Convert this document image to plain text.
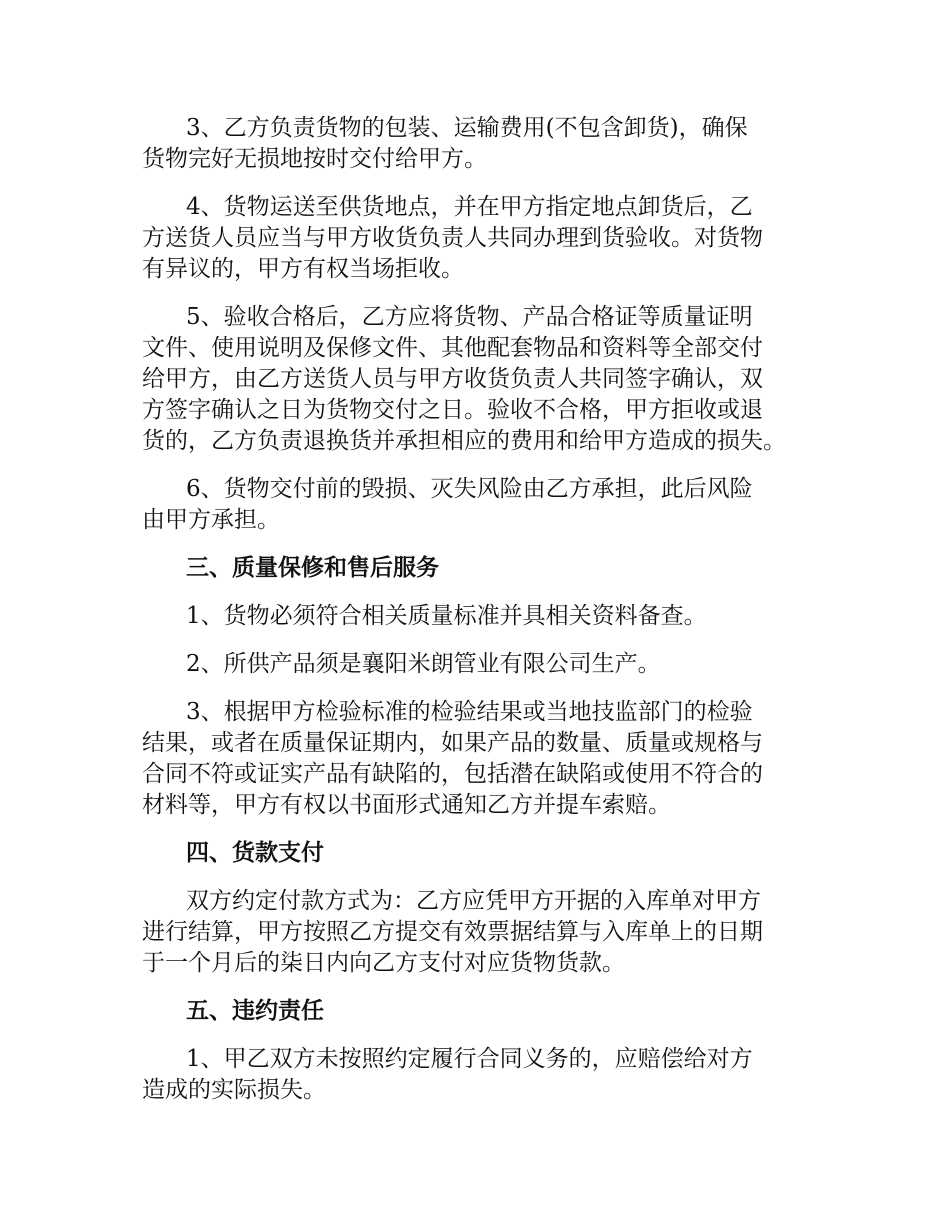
3、乙方负责货物的包装、运输费用(不包含卸货)，确保
货物完好无损地按时交付给甲方。
4、货物运送至供货地点，并在甲方指定地点卸货后，乙
方送货人员应当与甲方收货负责人共同办理到货验收。对货物
有异议的，甲方有权当场拒收。
5、验收合格后，乙方应将货物、产品合格证等质量证明
文件、使用说明及保修文件、其他配套物品和资料等全部交付
给甲方，由乙方送货人员与甲方收货负责人共同签字确认，双
方签字确认之日为货物交付之日。验收不合格，甲方拒收或退
货的，乙方负责退换货并承担相应的费用和给甲方造成的损失。
6、货物交付前的毁损、灭失风险由乙方承担，此后风险
由甲方承担。
三、质量保修和售后服务
1、货物必须符合相关质量标准并具相关资料备查。
2、所供产品须是襄阳米朗管业有限公司生产。
3、根据甲方检验标准的检验结果或当地技监部门的检验
结果，或者在质量保证期内，如果产品的数量、质量或规格与
合同不符或证实产品有缺陷的，包括潜在缺陷或使用不符合的
材料等，甲方有权以书面形式通知乙方并提车索赔。
四、货款支付
双方约定付款方式为：乙方应凭甲方开据的入库单对甲方
进行结算，甲方按照乙方提交有效票据结算与入库单上的日期
于一个月后的柒日内向乙方支付对应货物货款。
五、违约责任
1、甲乙双方未按照约定履行合同义务的，应赔偿给对方
造成的实际损失。
